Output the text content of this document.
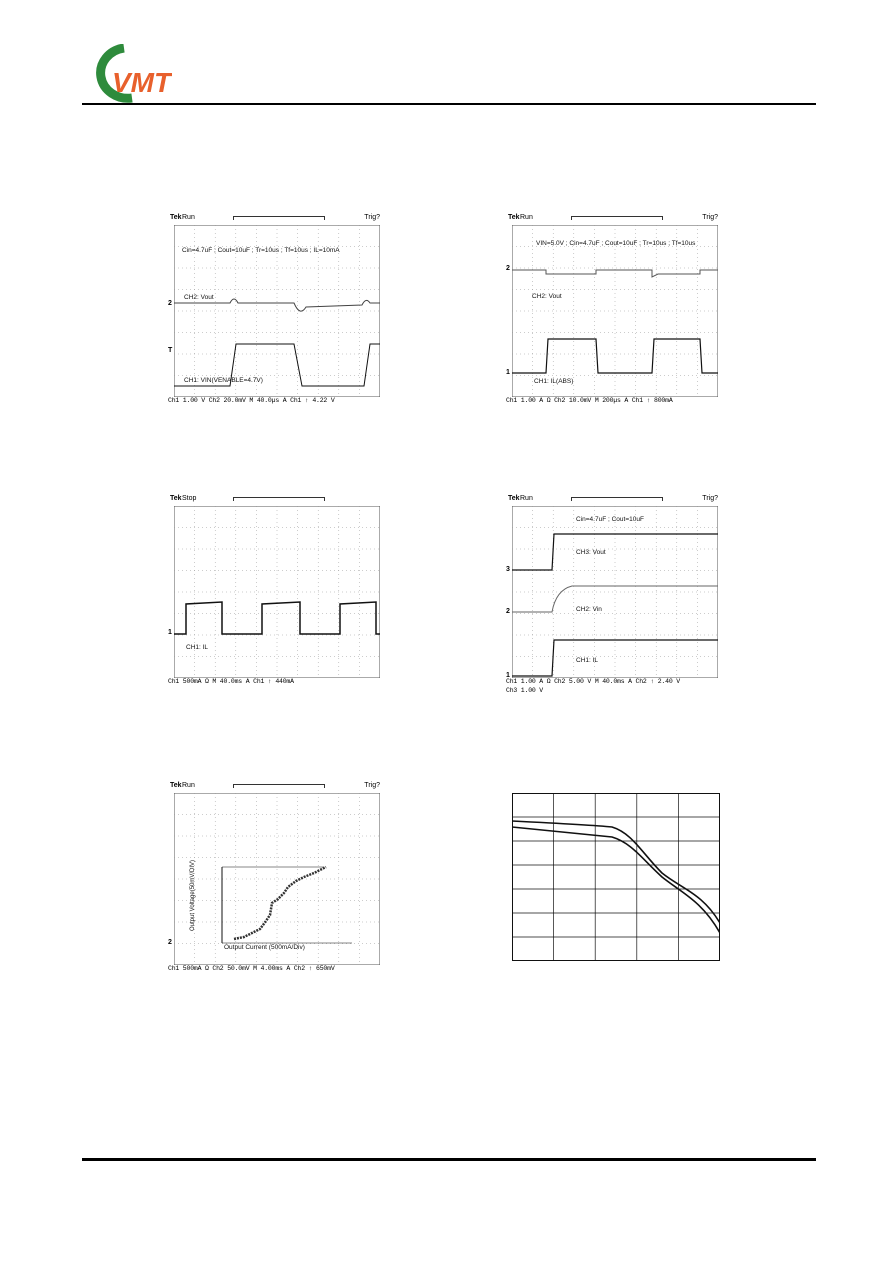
VMT
Tek Run	Trig?
Cin=4.7uF ; Cout=10uF ; Tr=10us ; Tf=10us ; IL=10mA
2
CH2: Vout
T
CH1: VIN(VENABLE=4.7V)
Ch1 1.00 V Ch2 20.0mV M 40.0µs A Ch1 ↑ 4.22 V
Tek Run	Trig?
VIN=5.0V ; Cin=4.7uF ; Cout=10uF ; Tr=10us ; Tf=10us
2
CH2: Vout
1
CH1: IL(ABS)
Ch1 1.00 A Ω Ch2 10.0mV M 200µs A Ch1 ↑ 800mA
Tek Stop
1
CH1: IL
Ch1 500mA Ω M 40.0ms A Ch1 ↑ 440mA
Tek Run	Trig?
Cin=4.7uF ; Cout=10uF
3
CH3: Vout
2	CH2: Vin
1
CH1: IL
Ch1 1.00 A Ω Ch2 5.00 V M 40.0ms A Ch2 ↑ 2.40 V
Ch3 1.00 V
Tek Run	Trig?
Output Voltage(50mV/DIV)
Output Current (500mA/Div)
2
Ch1 500mA Ω Ch2 50.0mV M 4.00ms A Ch2 ↑ 650mV
